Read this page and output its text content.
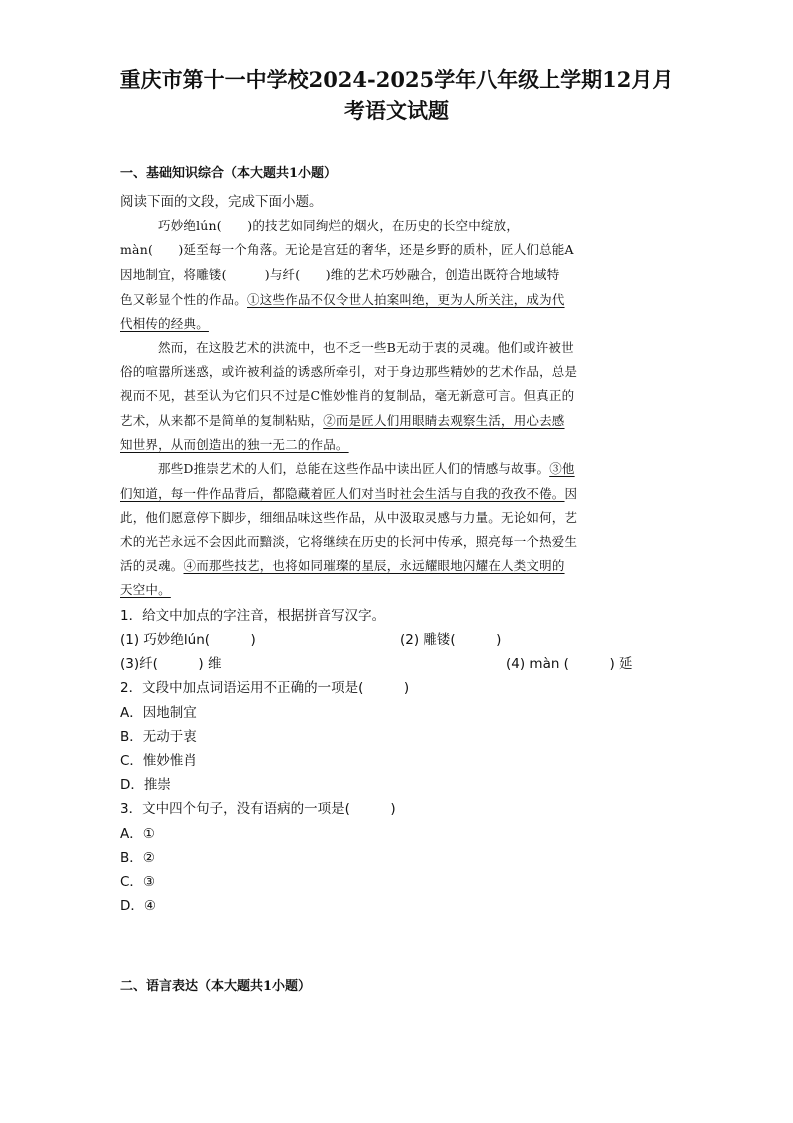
重庆市第十一中学校2024-2025学年八年级上学期12月月
考语文试题
一、基础知识综合（本大题共1小题）
阅读下面的文段，完成下面小题。
巧妙绝lún(　　)的技艺如同绚烂的烟火，在历史的长空中绽放，
màn(　　)延至每一个角落。无论是宫廷的奢华，还是乡野的质朴，匠人们总能A
因地制宜，将雕镂(　　　)与纤(　　)维的艺术巧妙融合，创造出既符合地域特
色又彰显个性的作品。①这些作品不仅令世人拍案叫绝，更为人所关注，成为代
代相传的经典。
然而，在这股艺术的洪流中，也不乏一些B无动于衷的灵魂。他们或许被世
俗的喧嚣所迷惑，或许被利益的诱惑所牵引，对于身边那些精妙的艺术作品，总是
视而不见，甚至认为它们只不过是C惟妙惟肖的复制品，毫无新意可言。但真正的
艺术，从来都不是简单的复制粘贴，②而是匠人们用眼睛去观察生活，用心去感
知世界，从而创造出的独一无二的作品。
那些D推崇艺术的人们，总能在这些作品中读出匠人们的情感与故事。③他
们知道，每一件作品背后，都隐藏着匠人们对当时社会生活与自我的孜孜不倦。因
此，他们愿意停下脚步，细细品味这些作品，从中汲取灵感与力量。无论如何，艺
术的光芒永远不会因此而黯淡，它将继续在历史的长河中传承，照亮每一个热爱生
活的灵魂。④而那些技艺，也将如同璀璨的星辰，永远耀眼地闪耀在人类文明的
天空中。
1．给文中加点的字注音，根据拼音写汉字。
(1) 巧妙绝lún(　　　)	(2) 雕镂(　　　)
(3)纤(　　　) 维	(4) màn (　　　) 延
2．文段中加点词语运用不正确的一项是(　　　)
A．因地制宜
B．无动于衷
C．惟妙惟肖
D．推崇
3．文中四个句子，没有语病的一项是(　　　)
A．①
B．②
C．③
D．④
二、语言表达（本大题共1小题）
